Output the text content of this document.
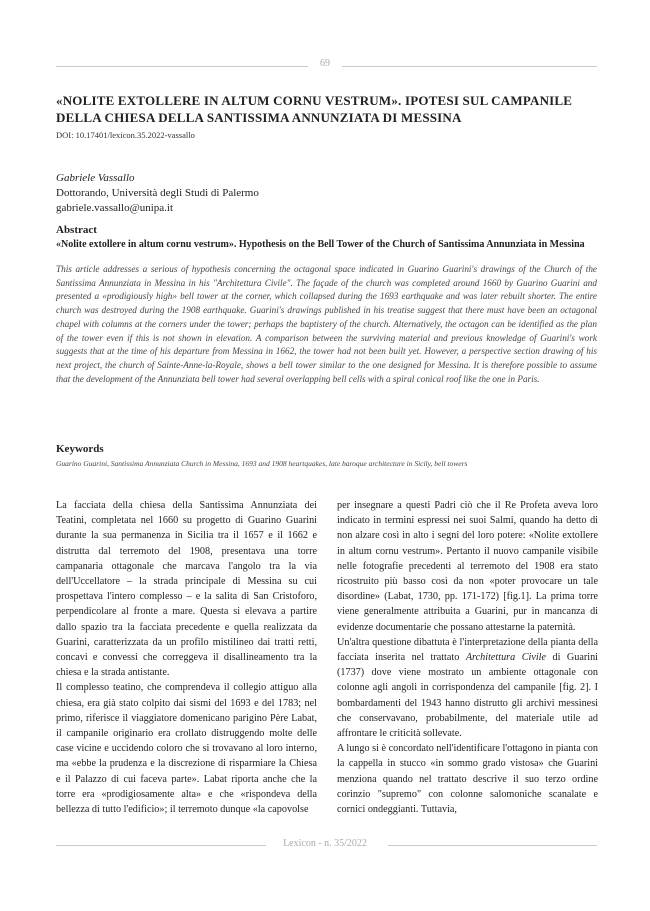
69
«NOLITE EXTOLLERE IN ALTUM CORNU VESTRUM». IPOTESI SUL CAMPANILE DELLA CHIESA DELLA SANTISSIMA ANNUNZIATA DI MESSINA
DOI: 10.17401/lexicon.35.2022-vassallo
Gabriele Vassallo
Dottorando, Università degli Studi di Palermo
gabriele.vassallo@unipa.it
Abstract
«Nolite extollere in altum cornu vestrum». Hypothesis on the Bell Tower of the Church of Santissima Annunziata in Messina
This article addresses a serious of hypothesis concerning the octagonal space indicated in Guarino Guarini's drawings of the Church of the Santissima Annunziata in Messina in his "Architettura Civile". The façade of the church was completed around 1660 by Guarino Guarini and presented a «prodigiously high» bell tower at the corner, which collapsed during the 1693 earthquake and was later rebuilt shorter. The entire church was destroyed during the 1908 earthquake. Guarini's drawings published in his treatise suggest that there must have been an octagonal chapel with columns at the corners under the tower; perhaps the baptistery of the church. Alternatively, the octagon can be identified as the plan of the tower even if this is not shown in elevation. A comparison between the surviving material and previous knowledge of Guarini's work suggests that at the time of his departure from Messina in 1662, the tower had not been built yet. However, a perspective section drawing of his next project, the church of Sainte-Anne-la-Royale, shows a bell tower similar to the one designed for Messina. It is therefore possible to assume that the development of the Annunziata bell tower had several overlapping bell cells with a spiral conical roof like the one in Paris.
Keywords
Guarino Guarini, Santissima Annunziata Church in Messina, 1693 and 1908 heartquakes, late baroque architecture in Sicily, bell towers

La facciata della chiesa della Santissima Annunziata dei Teatini, completata nel 1660 su progetto di Guarino Guarini durante la sua permanenza in Sicilia tra il 1657 e il 1662 e distrutta dal terremoto del 1908, presentava una torre campanaria ottagonale che marcava l'angolo tra la via dell'Uccellatore – la strada principale di Messina su cui prospettava l'intero complesso – e la salita di San Cristoforo, perpendicolare al fronte a mare. Questa si elevava a partire dallo spazio tra la facciata precedente e quella realizzata da Guarini, caratterizzata da un profilo mistilineo dai tratti retti, concavi e convessi che correggeva il disallineamento tra la chiesa e la strada antistante.

Il complesso teatino, che comprendeva il collegio attiguo alla chiesa, era già stato colpito dai sismi del 1693 e del 1783; nel primo, riferisce il viaggiatore domenicano parigino Père Labat, il campanile originario era crollato distruggendo molte delle case vicine e uccidendo coloro che si trovavano al loro interno, ma «ebbe la prudenza e la discrezione di risparmiare la Chiesa e il Palazzo di cui faceva parte». Labat riporta anche che la torre era «prodigiosamente alta» e che «rispondeva della bellezza di tutto l'edificio»; il terremoto dunque «la capovolse

per insegnare a questi Padri ciò che il Re Profeta aveva loro indicato in termini espressi nei suoi Salmi, quando ha detto di non alzare così in alto i segni del loro potere: «Nolite extollere in altum cornu vestrum». Pertanto il nuovo campanile visibile nelle fotografie precedenti al terremoto del 1908 era stato ricostruito più basso così da non «poter provocare un tale disordine» (Labat, 1730, pp. 171-172) [fig.1]. La prima torre viene generalmente attribuita a Guarini, pur in mancanza di evidenze documentarie che possano attestarne la paternità.

Un'altra questione dibattuta è l'interpretazione della pianta della facciata inserita nel trattato Architettura Civile di Guarini (1737) dove viene mostrato un ambiente ottagonale con colonne agli angoli in corrispondenza del campanile [fig. 2]. I bombardamenti del 1943 hanno distrutto gli archivi messinesi che conservavano, probabilmente, del materiale utile ad affrontare le criticità sollevate.

A lungo si è concordato nell'identificare l'ottagono in pianta con la cappella in stucco «in sommo grado vistosa» che Guarini menziona quando nel trattato descrive il suo terzo ordine corinzio "supremo" con colonne salomoniche scanalate e cornici ondeggianti. Tuttavia,

Lexicon - n. 35/2022
